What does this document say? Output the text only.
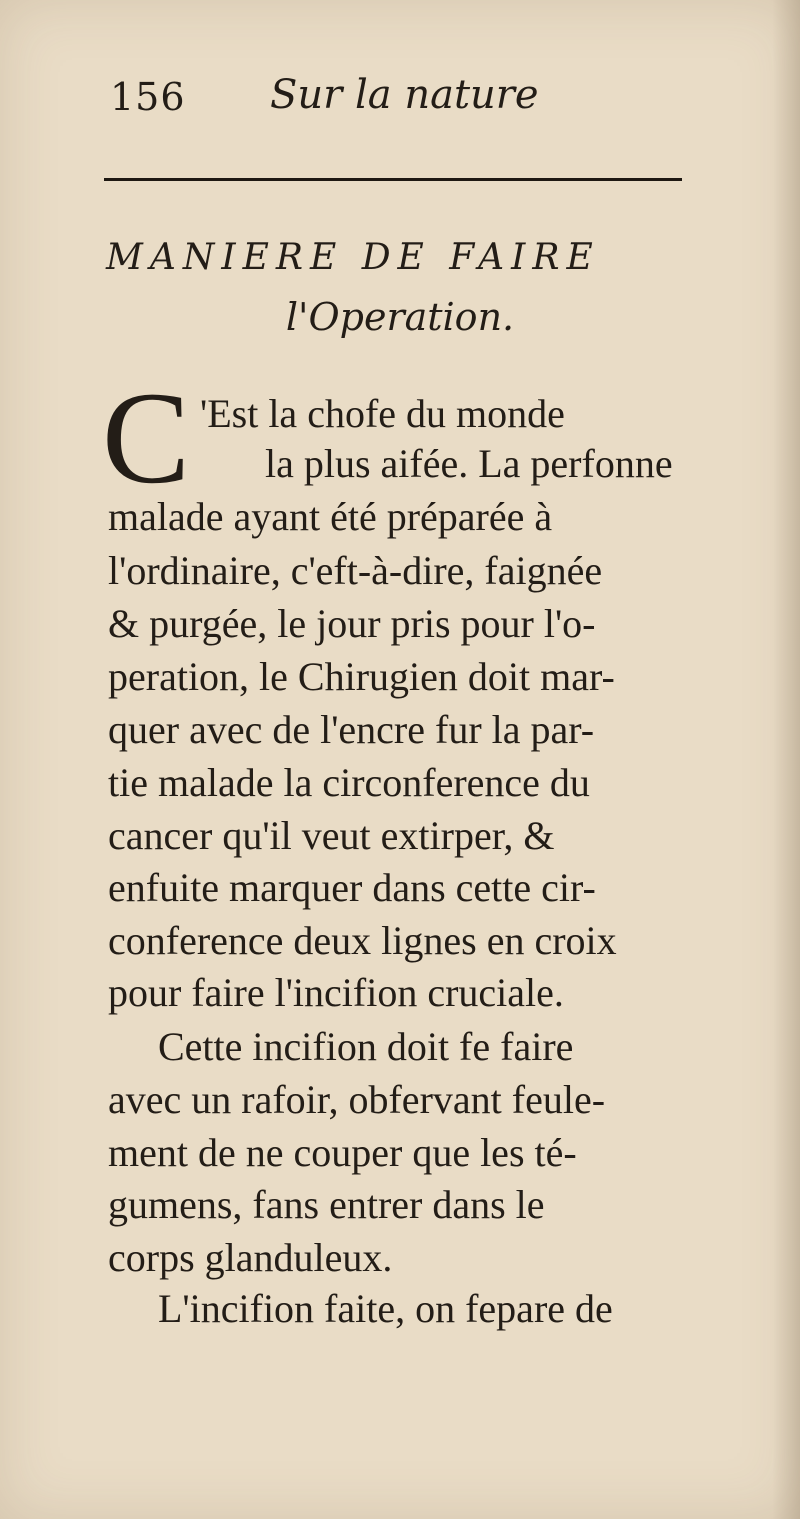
156 Sur la nature
MANIERE DE FAIRE
l'Operation.
C 'Est la chofe du monde
la plus aifée. La perfonne
malade ayant été préparée à
l'ordinaire, c'eft-à-dire, faignée
& purgée, le jour pris pour l'o-
peration, le Chirugien doit mar-
quer avec de l'encre fur la par-
tie malade la circonference du
cancer qu'il veut extirper, &
enfuite marquer dans cette cir-
conference deux lignes en croix
pour faire l'incifion cruciale.
Cette incifion doit fe faire
avec un rafoir, obfervant feule-
ment de ne couper que les té-
gumens, fans entrer dans le
corps glanduleux.
L'incifion faite, on fepare de
